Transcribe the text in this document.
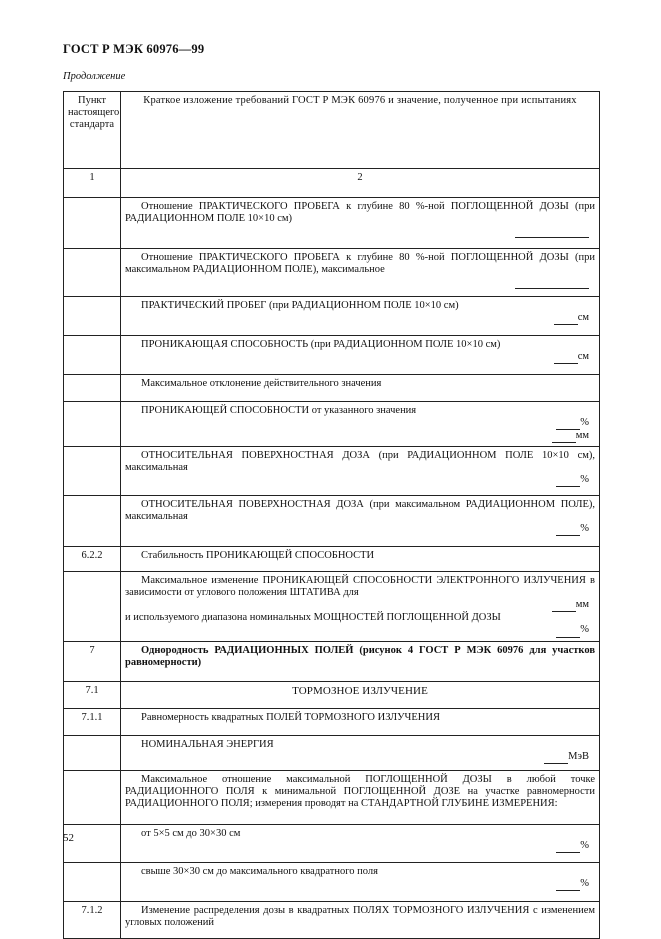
ГОСТ Р МЭК 60976—99
Продолжение
Пункт настоящего стандарта	Краткое изложение требований ГОСТ Р МЭК 60976 и значение, полученное при испытаниях
1	2

	Отношение ПРАКТИЧЕСКОГО ПРОБЕГА к глубине 80 %-ной ПОГЛОЩЕННОЙ ДОЗЫ (при РАДИАЦИОННОМ ПОЛЕ 10×10 см)

	Отношение ПРАКТИЧЕСКОГО ПРОБЕГА к глубине 80 %-ной ПОГЛОЩЕННОЙ ДОЗЫ (при максимальном РАДИАЦИОННОМ ПОЛЕ), максимальное

	ПРАКТИЧЕСКИЙ ПРОБЕГ (при РАДИАЦИОННОМ ПОЛЕ 10×10 см)
см

	ПРОНИКАЮЩАЯ СПОСОБНОСТЬ (при РАДИАЦИОННОМ ПОЛЕ 10×10 см)
см

	Максимальное отклонение действительного значения

	ПРОНИКАЮЩЕЙ СПОСОБНОСТИ от указанного значения
%
мм

	ОТНОСИТЕЛЬНАЯ ПОВЕРХНОСТНАЯ ДОЗА (при РАДИАЦИОННОМ ПОЛЕ 10×10 см), максимальная
%

	ОТНОСИТЕЛЬНАЯ ПОВЕРХНОСТНАЯ ДОЗА (при максимальном РАДИАЦИОННОМ ПОЛЕ), максимальная
%

6.2.2	Стабильность ПРОНИКАЮЩЕЙ СПОСОБНОСТИ

	Максимальное изменение ПРОНИКАЮЩЕЙ СПОСОБНОСТИ ЭЛЕКТРОННОГО ИЗЛУЧЕНИЯ в зависимости от углового положения ШТАТИВА для
мм
и используемого диапазона номинальных МОЩНОСТЕЙ ПОГЛОЩЕННОЙ ДОЗЫ
%

7	Однородность РАДИАЦИОННЫХ ПОЛЕЙ (рисунок 4 ГОСТ Р МЭК 60976 для участков равномерности)

7.1	ТОРМОЗНОЕ ИЗЛУЧЕНИЕ

7.1.1	Равномерность квадратных ПОЛЕЙ ТОРМОЗНОГО ИЗЛУЧЕНИЯ

	НОМИНАЛЬНАЯ ЭНЕРГИЯ
МэВ

	Максимальное отношение максимальной ПОГЛОЩЕННОЙ ДОЗЫ в любой точке РАДИАЦИОННОГО ПОЛЯ к минимальной ПОГЛОЩЕННОЙ ДОЗЕ на участке равномерности РАДИАЦИОННОГО ПОЛЯ; измерения проводят на СТАНДАРТНОЙ ГЛУБИНЕ ИЗМЕРЕНИЯ:

	от 5×5 см до 30×30 см
%

	свыше 30×30 см до максимального квадратного поля
%

7.1.2	Изменение распределения дозы в квадратных ПОЛЯХ ТОРМОЗНОГО ИЗЛУЧЕНИЯ с изменением угловых положений
52
